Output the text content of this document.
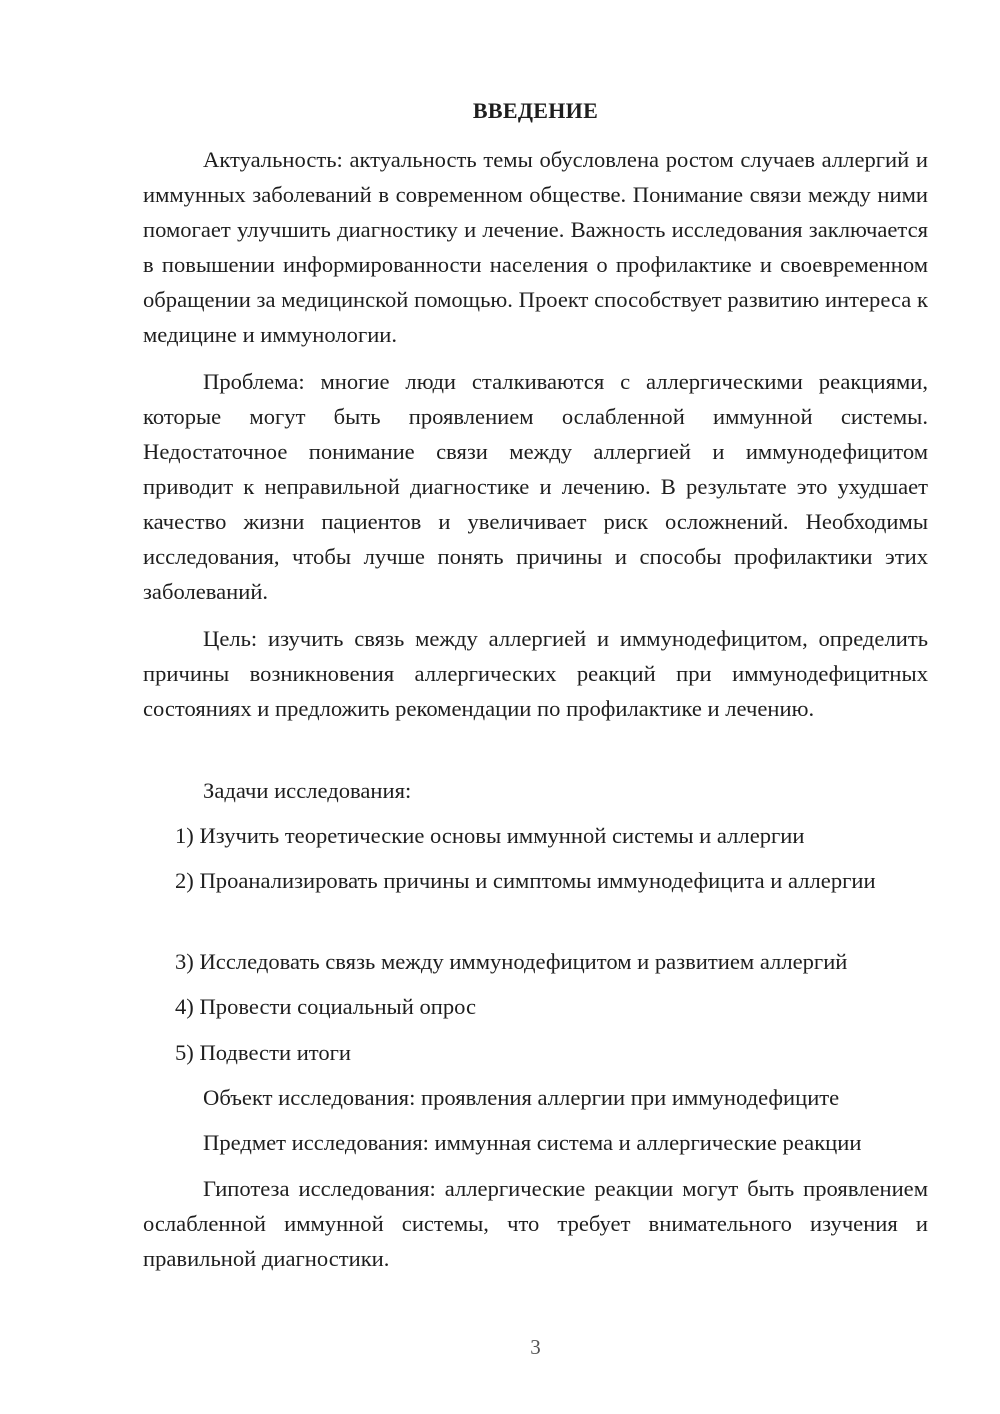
ВВЕДЕНИЕ

Актуальность: актуальность темы обусловлена ростом случаев аллергий и иммунных заболеваний в современном обществе. Понимание связи между ними помогает улучшить диагностику и лечение. Важность исследования заключается в повышении информированности населения о профилактике и своевременном обращении за медицинской помощью. Проект способствует развитию интереса к медицине и иммунологии.

Проблема: многие люди сталкиваются с аллергическими реакциями, которые могут быть проявлением ослабленной иммунной системы. Недостаточное понимание связи между аллергией и иммунодефицитом приводит к неправильной диагностике и лечению. В результате это ухудшает качество жизни пациентов и увеличивает риск осложнений. Необходимы исследования, чтобы лучше понять причины и способы профилактики этих заболеваний.

Цель: изучить связь между аллергией и иммунодефицитом, определить причины возникновения аллергических реакций при иммунодефицитных состояниях и предложить рекомендации по профилактике и лечению.

Задачи исследования:

1) Изучить теоретические основы иммунной системы и аллергии

2) Проанализировать причины и симптомы иммунодефицита и аллергии

3) Исследовать связь между иммунодефицитом и развитием аллергий

4) Провести социальный опрос

5) Подвести итоги

Объект исследования: проявления аллергии при иммунодефиците

Предмет исследования: иммунная система и аллергические реакции

Гипотеза исследования: аллергические реакции могут быть проявлением ослабленной иммунной системы, что требует внимательного изучения и правильной диагностики.

3
